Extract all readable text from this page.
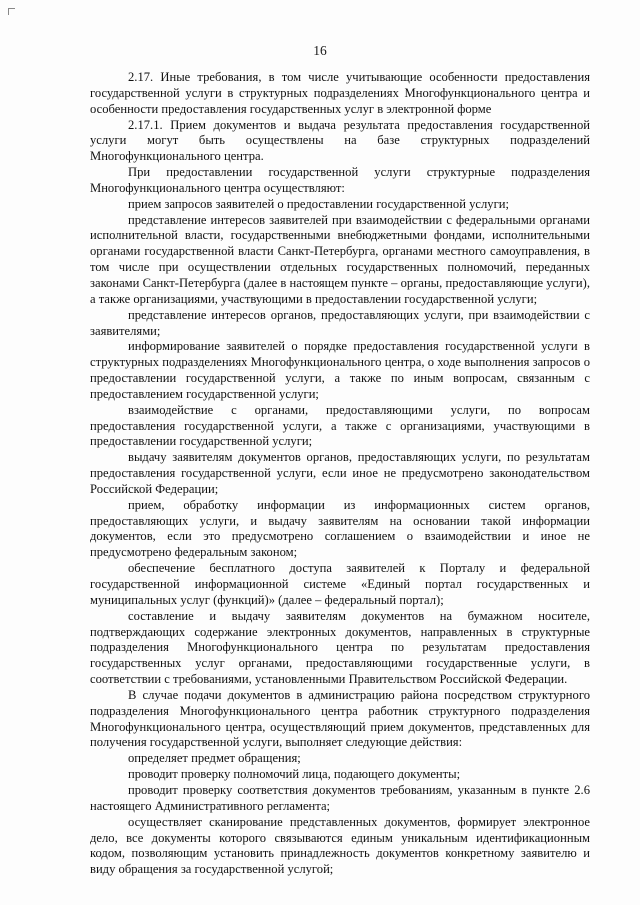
16

2.17. Иные требования, в том числе учитывающие особенности предоставления государственной услуги в структурных подразделениях Многофункционального центра и особенности предоставления государственных услуг в электронной форме

2.17.1. Прием документов и выдача результата предоставления государственной услуги могут быть осуществлены на базе структурных подразделений Многофункционального центра.

При предоставлении государственной услуги структурные подразделения Многофункционального центра осуществляют:

прием запросов заявителей о предоставлении государственной услуги;

представление интересов заявителей при взаимодействии с федеральными органами исполнительной власти, государственными внебюджетными фондами, исполнительными органами государственной власти Санкт-Петербурга, органами местного самоуправления, в том числе при осуществлении отдельных государственных полномочий, переданных законами Санкт-Петербурга (далее в настоящем пункте – органы, предоставляющие услуги), а также организациями, участвующими в предоставлении государственной услуги;

представление интересов органов, предоставляющих услуги, при взаимодействии с заявителями;

информирование заявителей о порядке предоставления государственной услуги в структурных подразделениях Многофункционального центра, о ходе выполнения запросов о предоставлении государственной услуги, а также по иным вопросам, связанным с предоставлением государственной услуги;

взаимодействие с органами, предоставляющими услуги, по вопросам предоставления государственной услуги, а также с организациями, участвующими в предоставлении государственной услуги;

выдачу заявителям документов органов, предоставляющих услуги, по результатам предоставления государственной услуги, если иное не предусмотрено законодательством Российской Федерации;

прием, обработку информации из информационных систем органов, предоставляющих услуги, и выдачу заявителям на основании такой информации документов, если это предусмотрено соглашением о взаимодействии и иное не предусмотрено федеральным законом;

обеспечение бесплатного доступа заявителей к Порталу и федеральной государственной информационной системе «Единый портал государственных и муниципальных услуг (функций)» (далее – федеральный портал);

составление и выдачу заявителям документов на бумажном носителе, подтверждающих содержание электронных документов, направленных в структурные подразделения Многофункционального центра по результатам предоставления государственных услуг органами, предоставляющими государственные услуги, в соответствии с требованиями, установленными Правительством Российской Федерации.

В случае подачи документов в администрацию района посредством структурного подразделения Многофункционального центра работник структурного подразделения Многофункционального центра, осуществляющий прием документов, представленных для получения государственной услуги, выполняет следующие действия:

определяет предмет обращения;

проводит проверку полномочий лица, подающего документы;

проводит проверку соответствия документов требованиям, указанным в пункте 2.6 настоящего Административного регламента;

осуществляет сканирование представленных документов, формирует электронное дело, все документы которого связываются единым уникальным идентификационным кодом, позволяющим установить принадлежность документов конкретному заявителю и виду обращения за государственной услугой;
